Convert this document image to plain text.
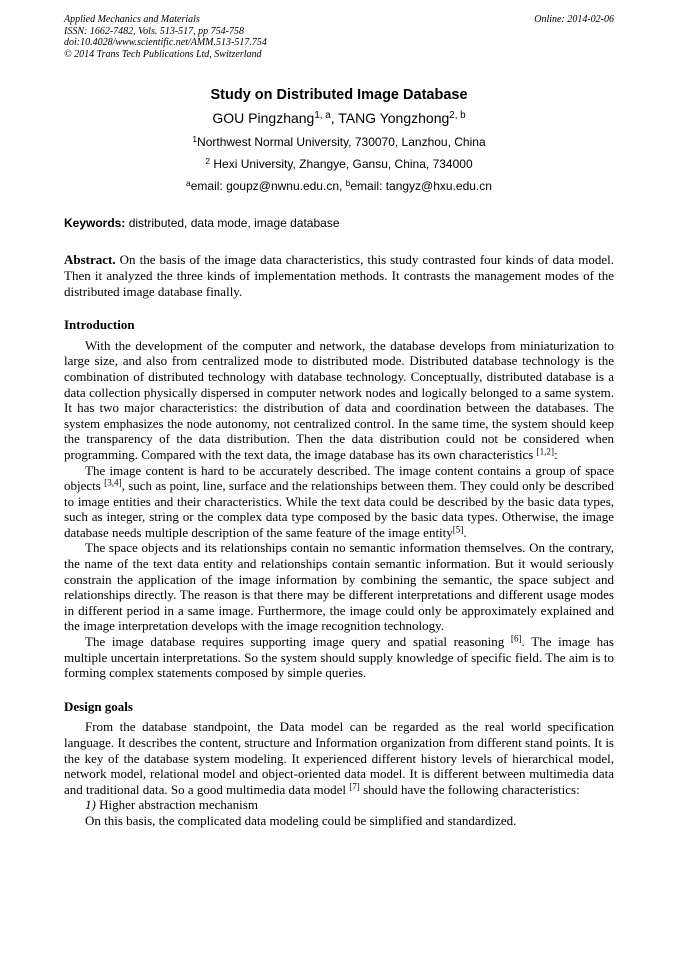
Applied Mechanics and Materials
ISSN: 1662-7482, Vols. 513-517, pp 754-758
doi:10.4028/www.scientific.net/AMM.513-517.754
© 2014 Trans Tech Publications Ltd, Switzerland
Online: 2014-02-06
Study on Distributed Image Database
GOU Pingzhang$^{1, a}$, TANG Yongzhong$^{2, b}$
$^1$Northwest Normal University, 730070, Lanzhou, China
$^2$ Hexi University, Zhangye, Gansu, China, 734000
$^a$email: goupz@nwnu.edu.cn, $^b$email: tangyz@hxu.edu.cn
Keywords: distributed, data mode, image database
Abstract. On the basis of the image data characteristics, this study contrasted four kinds of data model. Then it analyzed the three kinds of implementation methods. It contrasts the management modes of the distributed image database finally.
Introduction

With the development of the computer and network, the database develops from miniaturization to large size, and also from centralized mode to distributed mode. Distributed database technology is the combination of distributed technology with database technology. Conceptually, distributed database is a data collection physically dispersed in computer network nodes and logically belonged to a same system. It has two major characteristics: the distribution of data and coordination between the databases. The system emphasizes the node autonomy, not centralized control. In the same time, the system should keep the transparency of the data distribution. Then the data distribution could not be considered when programming. Compared with the text data, the image database has its own characteristics [1,2]:

The image content is hard to be accurately described. The image content contains a group of space objects [3,4], such as point, line, surface and the relationships between them. They could only be described to image entities and their characteristics. While the text data could be described by the basic data types, such as integer, string or the complex data type composed by the basic data types. Otherwise, the image database needs multiple description of the same feature of the image entity[5].

The space objects and its relationships contain no semantic information themselves. On the contrary, the name of the text data entity and relationships contain semantic information. But it would seriously constrain the application of the image information by combining the semantic, the space subject and relationships directly. The reason is that there may be different interpretations and different usage modes in different period in a same image. Furthermore, the image could only be approximately explained and the image interpretation develops with the image recognition technology.

The image database requires supporting image query and spatial reasoning [6]. The image has multiple uncertain interpretations. So the system should supply knowledge of specific field. The aim is to forming complex statements composed by simple queries.

Design goals

From the database standpoint, the Data model can be regarded as the real world specification language. It describes the content, structure and Information organization from different stand points. It is the key of the database system modeling. It experienced different history levels of hierarchical model, network model, relational model and object-oriented data model. It is different between multimedia data and traditional data. So a good multimedia data model [7] should have the following characteristics:

1) Higher abstraction mechanism

On this basis, the complicated data modeling could be simplified and standardized.
